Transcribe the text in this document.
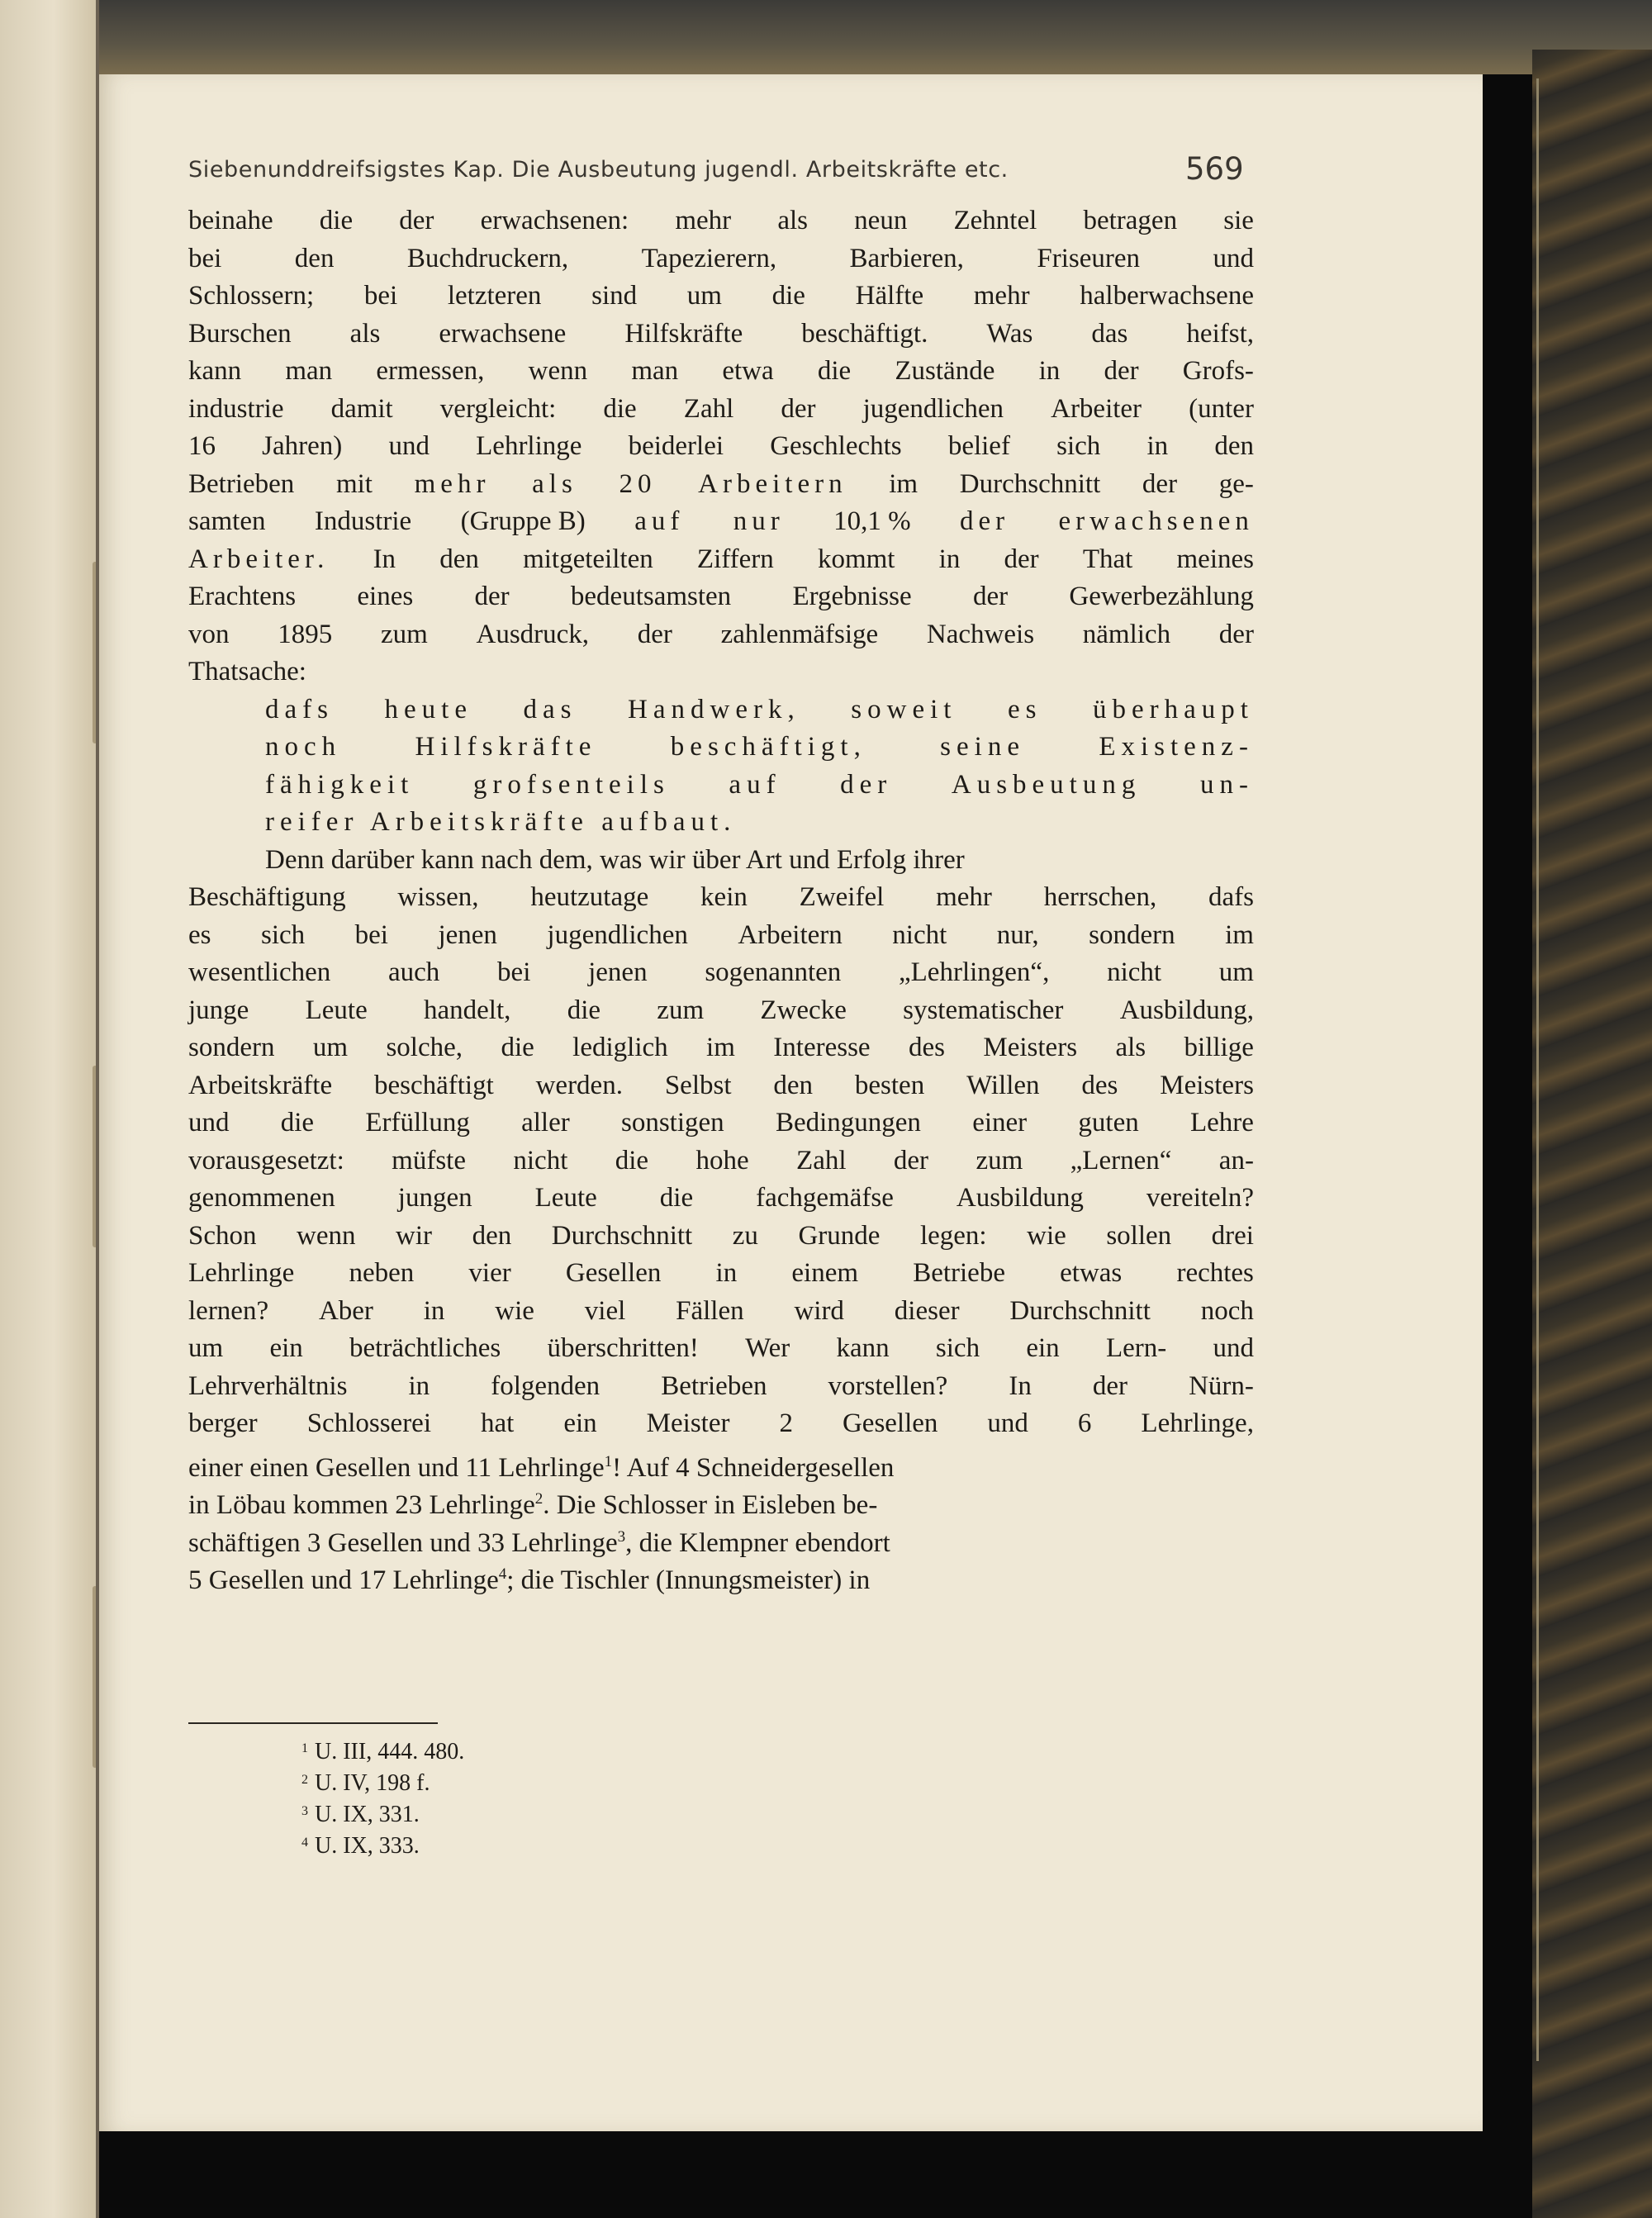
Siebenunddreifsigstes Kap. Die Ausbeutung jugendl. Arbeitskräfte etc.	569
beinahe die der erwachsenen: mehr als neun Zehntel betragen sie
bei	den	Buchdruckern,	Tapezierern,	Barbieren,	Friseuren	und
Schlossern; bei letzteren sind um die Hälfte mehr halberwachsene
Burschen als erwachsene Hilfskräfte beschäftigt. Was das heifst,
kann man ermessen, wenn man etwa die Zustände in der Grofs-
industrie damit vergleicht: die Zahl der jugendlichen Arbeiter (unter
16 Jahren) und Lehrlinge beiderlei Geschlechts belief sich in den
Betrieben mit mehr als 20 Arbeitern im Durchschnitt der ge-
samten Industrie (Gruppe B) auf nur 10,1 % der erwachsenen
Arbeiter. In den mitgeteilten Ziffern kommt in der That meines
Erachtens eines der bedeutsamsten Ergebnisse der Gewerbezählung
von 1895 zum Ausdruck, der zahlenmäfsige Nachweis nämlich der
Thatsache:
dafs heute das Handwerk, soweit es überhaupt
noch	Hilfskräfte	beschäftigt,	seine	Existenz-
fähigkeit grofsenteils auf der Ausbeutung un-
reifer Arbeitskräfte aufbaut.
Denn darüber kann nach dem, was wir über Art und Erfolg ihrer
Beschäftigung wissen, heutzutage kein Zweifel mehr herrschen, dafs
es sich bei jenen jugendlichen Arbeitern nicht nur, sondern im
wesentlichen auch bei jenen sogenannten „Lehrlingen“, nicht um
junge Leute handelt, die zum Zwecke systematischer Ausbildung,
sondern um solche, die lediglich im Interesse des Meisters als billige
Arbeitskräfte beschäftigt werden. Selbst den besten Willen des Meisters
und die Erfüllung aller sonstigen Bedingungen einer guten Lehre
vorausgesetzt: müfste nicht die hohe Zahl der zum „Lernen“ an-
genommenen jungen Leute die fachgemäfse Ausbildung vereiteln?
Schon wenn wir den Durchschnitt zu Grunde legen: wie sollen drei
Lehrlinge neben vier Gesellen in einem Betriebe etwas rechtes
lernen? Aber in wie viel Fällen wird dieser Durchschnitt noch
um ein beträchtliches überschritten! Wer kann sich ein Lern- und
Lehrverhältnis in folgenden Betrieben vorstellen? In der Nürn-
berger Schlosserei hat ein Meister 2 Gesellen und 6 Lehrlinge,
einer einen Gesellen und 11 Lehrlinge$^1$! Auf 4 Schneidergesellen
in Löbau kommen 23 Lehrlinge$^2$. Die Schlosser in Eisleben be-
schäftigen 3 Gesellen und 33 Lehrlinge$^3$, die Klempner ebendort
5 Gesellen und 17 Lehrlinge$^4$; die Tischler (Innungsmeister) in
$^1$ U. III, 444. 480.
$^2$ U. IV, 198 f.
$^3$ U. IX, 331.
$^4$ U. IX, 333.
